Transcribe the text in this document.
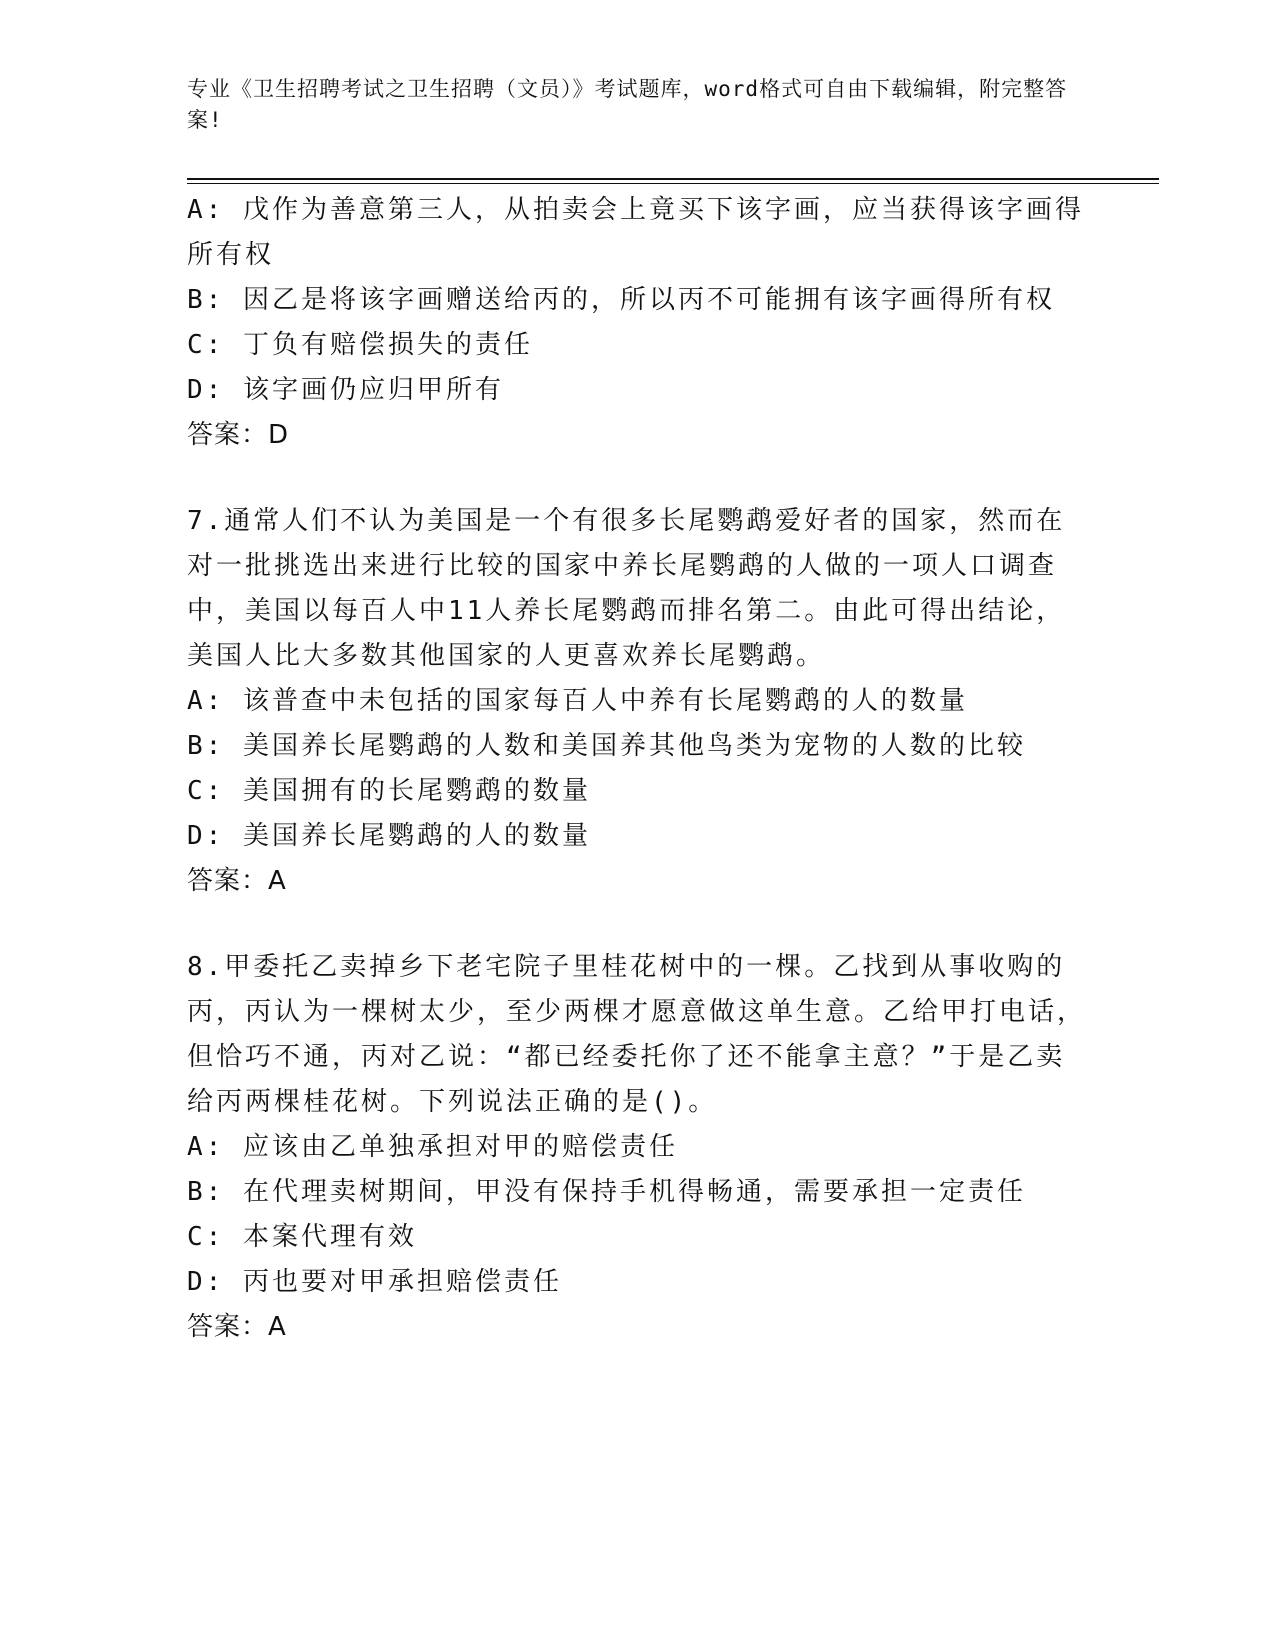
专业《卫生招聘考试之卫生招聘（文员）》考试题库，word格式可自由下载编辑，附完整答案!
A: 戊作为善意第三人，从拍卖会上竟买下该字画，应当获得该字画得所有权
B: 因乙是将该字画赠送给丙的，所以丙不可能拥有该字画得所有权
C: 丁负有赔偿损失的责任
D: 该字画仍应归甲所有
答案：D
7.通常人们不认为美国是一个有很多长尾鹦鹉爱好者的国家，然而在对一批挑选出来进行比较的国家中养长尾鹦鹉的人做的一项人口调查中，美国以每百人中11人养长尾鹦鹉而排名第二。由此可得出结论，美国人比大多数其他国家的人更喜欢养长尾鹦鹉。
A: 该普查中未包括的国家每百人中养有长尾鹦鹉的人的数量
B: 美国养长尾鹦鹉的人数和美国养其他鸟类为宠物的人数的比较
C: 美国拥有的长尾鹦鹉的数量
D: 美国养长尾鹦鹉的人的数量
答案：A
8.甲委托乙卖掉乡下老宅院子里桂花树中的一棵。乙找到从事收购的丙，丙认为一棵树太少，至少两棵才愿意做这单生意。乙给甲打电话，但恰巧不通，丙对乙说：“都已经委托你了还不能拿主意？”于是乙卖给丙两棵桂花树。下列说法正确的是()。
A: 应该由乙单独承担对甲的赔偿责任
B: 在代理卖树期间，甲没有保持手机得畅通，需要承担一定责任
C: 本案代理有效
D: 丙也要对甲承担赔偿责任
答案：A
